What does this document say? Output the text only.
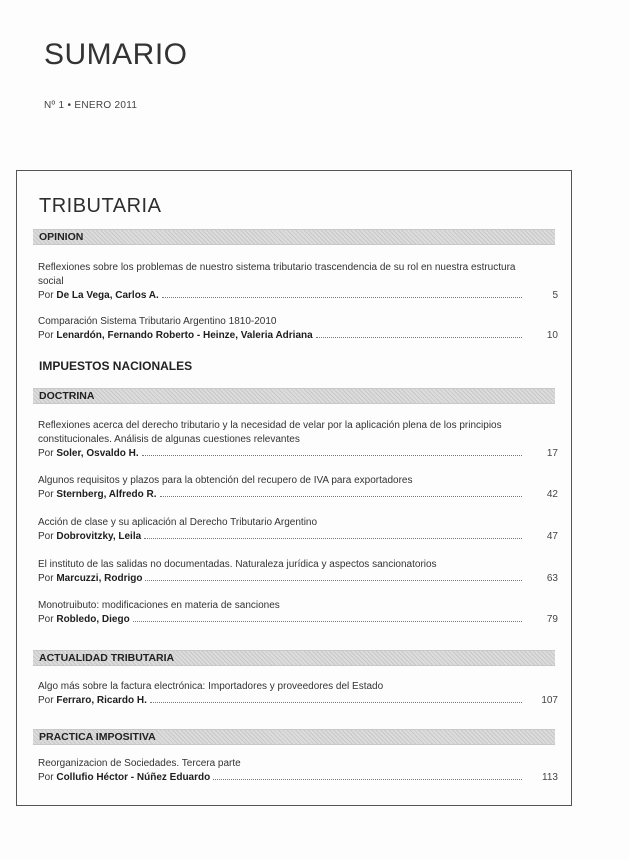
SUMARIO
Nº 1 • ENERO 2011
TRIBUTARIA
OPINION
Reflexiones sobre los problemas de nuestro sistema tributario trascendencia de su rol en nuestra estructura social
Por De La Vega, Carlos A.	5
Comparación Sistema Tributario Argentino 1810-2010
Por Lenardón, Fernando Roberto - Heinze, Valeria Adriana	10
IMPUESTOS NACIONALES
DOCTRINA
Reflexiones acerca del derecho tributario y la necesidad de velar por la aplicación plena de los principios constitucionales. Análisis de algunas cuestiones relevantes
Por Soler, Osvaldo H.	17
Algunos requisitos y plazos para la obtención del recupero de IVA para exportadores
Por Sternberg, Alfredo R.	42
Acción de clase y su aplicación al Derecho Tributario Argentino
Por Dobrovitzky, Leila	47
El instituto de las salidas no documentadas. Naturaleza jurídica y aspectos sancionatorios
Por Marcuzzi, Rodrigo	63
Monotruibuto: modificaciones en materia de sanciones
Por Robledo, Diego	79
ACTUALIDAD TRIBUTARIA
Algo más sobre la factura electrónica: Importadores y proveedores del Estado
Por Ferraro, Ricardo H.	107
PRACTICA IMPOSITIVA
Reorganizacion de Sociedades. Tercera parte
Por Collufio Héctor - Núñez Eduardo	113
